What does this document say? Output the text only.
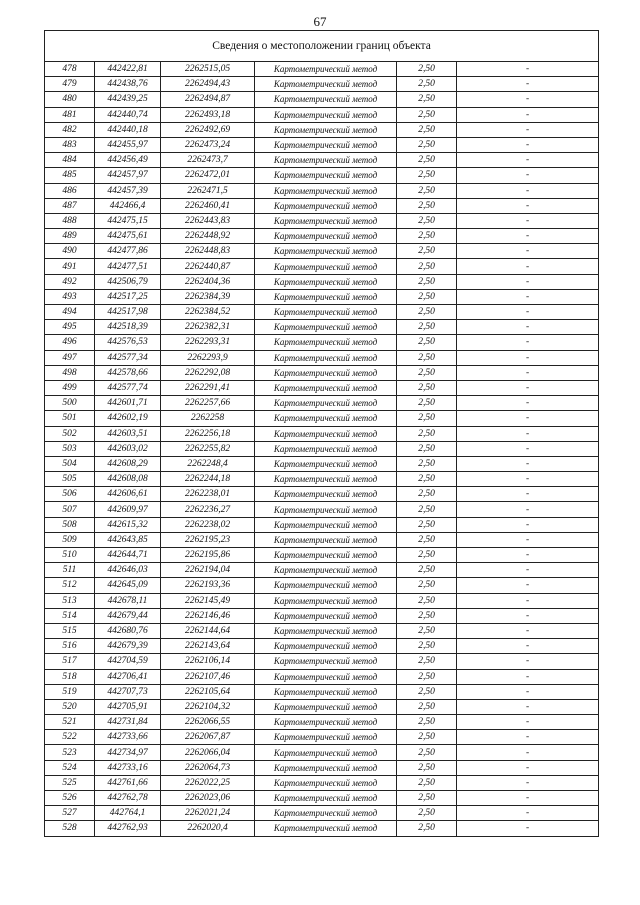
67
Сведения о местоположении границ объекта					
478	442422,81	2262515,05	Картометрический метод	2,50	-
479	442438,76	2262494,43	Картометрический метод	2,50	-
480	442439,25	2262494,87	Картометрический метод	2,50	-
481	442440,74	2262493,18	Картометрический метод	2,50	-
482	442440,18	2262492,69	Картометрический метод	2,50	-
483	442455,97	2262473,24	Картометрический метод	2,50	-
484	442456,49	2262473,7	Картометрический метод	2,50	-
485	442457,97	2262472,01	Картометрический метод	2,50	-
486	442457,39	2262471,5	Картометрический метод	2,50	-
487	442466,4	2262460,41	Картометрический метод	2,50	-
488	442475,15	2262443,83	Картометрический метод	2,50	-
489	442475,61	2262448,92	Картометрический метод	2,50	-
490	442477,86	2262448,83	Картометрический метод	2,50	-
491	442477,51	2262440,87	Картометрический метод	2,50	-
492	442506,79	2262404,36	Картометрический метод	2,50	-
493	442517,25	2262384,39	Картометрический метод	2,50	-
494	442517,98	2262384,52	Картометрический метод	2,50	-
495	442518,39	2262382,31	Картометрический метод	2,50	-
496	442576,53	2262293,31	Картометрический метод	2,50	-
497	442577,34	2262293,9	Картометрический метод	2,50	-
498	442578,66	2262292,08	Картометрический метод	2,50	-
499	442577,74	2262291,41	Картометрический метод	2,50	-
500	442601,71	2262257,66	Картометрический метод	2,50	-
501	442602,19	2262258	Картометрический метод	2,50	-
502	442603,51	2262256,18	Картометрический метод	2,50	-
503	442603,02	2262255,82	Картометрический метод	2,50	-
504	442608,29	2262248,4	Картометрический метод	2,50	-
505	442608,08	2262244,18	Картометрический метод	2,50	-
506	442606,61	2262238,01	Картометрический метод	2,50	-
507	442609,97	2262236,27	Картометрический метод	2,50	-
508	442615,32	2262238,02	Картометрический метод	2,50	-
509	442643,85	2262195,23	Картометрический метод	2,50	-
510	442644,71	2262195,86	Картометрический метод	2,50	-
511	442646,03	2262194,04	Картометрический метод	2,50	-
512	442645,09	2262193,36	Картометрический метод	2,50	-
513	442678,11	2262145,49	Картометрический метод	2,50	-
514	442679,44	2262146,46	Картометрический метод	2,50	-
515	442680,76	2262144,64	Картометрический метод	2,50	-
516	442679,39	2262143,64	Картометрический метод	2,50	-
517	442704,59	2262106,14	Картометрический метод	2,50	-
518	442706,41	2262107,46	Картометрический метод	2,50	-
519	442707,73	2262105,64	Картометрический метод	2,50	-
520	442705,91	2262104,32	Картометрический метод	2,50	-
521	442731,84	2262066,55	Картометрический метод	2,50	-
522	442733,66	2262067,87	Картометрический метод	2,50	-
523	442734,97	2262066,04	Картометрический метод	2,50	-
524	442733,16	2262064,73	Картометрический метод	2,50	-
525	442761,66	2262022,25	Картометрический метод	2,50	-
526	442762,78	2262023,06	Картометрический метод	2,50	-
527	442764,1	2262021,24	Картометрический метод	2,50	-
528	442762,93	2262020,4	Картометрический метод	2,50	-
